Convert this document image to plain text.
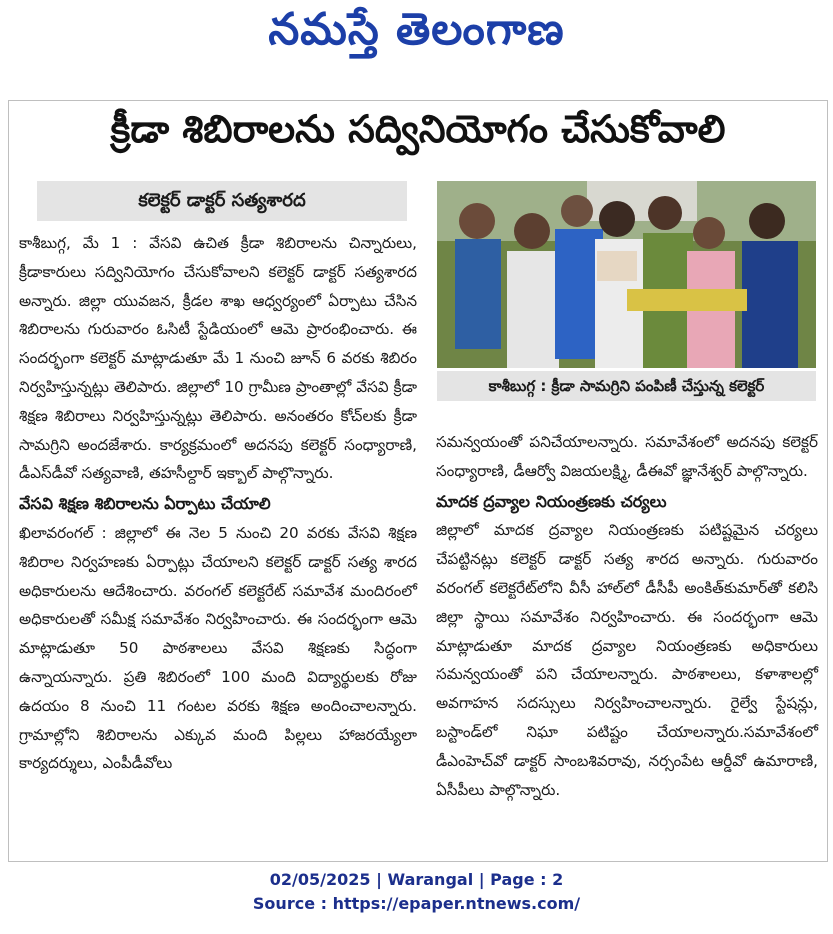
నమస్తే తెలంగాణ
క్రీడా శిబిరాలను సద్వినియోగం చేసుకోవాలి
కలెక్టర్ డాక్టర్ సత్యశారద

కాశీబుగ్గ, మే 1 : వేసవి ఉచిత క్రీడా శిబిరాలను చిన్నారులు, క్రీడాకారులు సద్వినియోగం చేసుకోవాలని కలెక్టర్ డాక్టర్ సత్యశారద అన్నారు. జిల్లా యువజన, క్రీడల శాఖ ఆధ్వర్యంలో ఏర్పాటు చేసిన శిబిరాలను గురువారం ఓసిటీ స్టేడియంలో ఆమె ప్రారంభించారు. ఈ సందర్భంగా కలెక్టర్ మాట్లాడుతూ మే 1 నుంచి జూన్ 6 వరకు శిబిరం నిర్వహిస్తున్నట్లు తెలిపారు. జిల్లాలో 10 గ్రామీణ ప్రాంతాల్లో వేసవి క్రీడా శిక్షణ శిబిరాలు నిర్వహిస్తున్నట్లు తెలిపారు. అనంతరం కోచ్‌లకు క్రీడా సామగ్రిని అందజేశారు. కార్యక్రమంలో అదనపు కలెక్టర్ సంధ్యారాణి, డీఎస్‌డీవో సత్యవాణి, తహసీల్దార్ ఇక్బాల్ పాల్గొన్నారు.

వేసవి శిక్షణ శిబిరాలను ఏర్పాటు చేయాలి

ఖిలావరంగల్ : జిల్లాలో ఈ నెల 5 నుంచి 20 వరకు వేసవి శిక్షణ శిబిరాల నిర్వహణకు ఏర్పాట్లు చేయాలని కలెక్టర్ డాక్టర్ సత్య శారద అధికారులను ఆదేశించారు. వరంగల్ కలెక్టరేట్ సమావేశ మందిరంలో అధికారులతో సమీక్ష సమావేశం నిర్వహించారు. ఈ సందర్భంగా ఆమె మాట్లాడుతూ 50 పాఠశాలలు వేసవి శిక్షణకు సిద్ధంగా ఉన్నాయన్నారు. ప్రతి శిబిరంలో 100 మంది విద్యార్థులకు రోజు ఉదయం 8 నుంచి 11 గంటల వరకు శిక్షణ అందించాలన్నారు. గ్రామాల్లోని శిబిరాలను ఎక్కువ మంది పిల్లలు హాజరయ్యేలా కార్యదర్శులు, ఎంపీడీవోలు

కాశీబుగ్గ : క్రీడా సామగ్రిని పంపిణీ చేస్తున్న కలెక్టర్

సమన్వయంతో పనిచేయాలన్నారు. సమావేశంలో అదనపు కలెక్టర్ సంధ్యారాణి, డీఆర్వో విజయలక్ష్మి, డీఈవో జ్ఞానేశ్వర్ పాల్గొన్నారు.

మాదక ద్రవ్యాల నియంత్రణకు చర్యలు

జిల్లాలో మాదక ద్రవ్యాల నియంత్రణకు పటిష్టమైన చర్యలు చేపట్టినట్లు కలెక్టర్ డాక్టర్ సత్య శారద అన్నారు. గురువారం వరంగల్ కలెక్టరేట్‌లోని వీసీ హాల్‌లో డీసీపీ అంకిత్‌కుమార్‌తో కలిసి జిల్లా స్థాయి సమావేశం నిర్వహించారు. ఈ సందర్భంగా ఆమె మాట్లాడుతూ మాదక ద్రవ్యాల నియంత్రణకు అధికారులు సమన్వయంతో పని చేయాలన్నారు. పాఠశాలలు, కళాశాలల్లో అవగాహన సదస్సులు నిర్వహించాలన్నారు. రైల్వే స్టేషన్లు, బస్టాండ్‌లో నిఘా పటిష్టం చేయాలన్నారు.సమావేశంలో డీఎంహెచ్‌వో డాక్టర్ సాంబశివరావు, నర్సంపేట ఆర్డీవో ఉమారాణి, ఏసీపీలు పాల్గొన్నారు.

02/05/2025 | Warangal | Page : 2
Source : https://epaper.ntnews.com/
